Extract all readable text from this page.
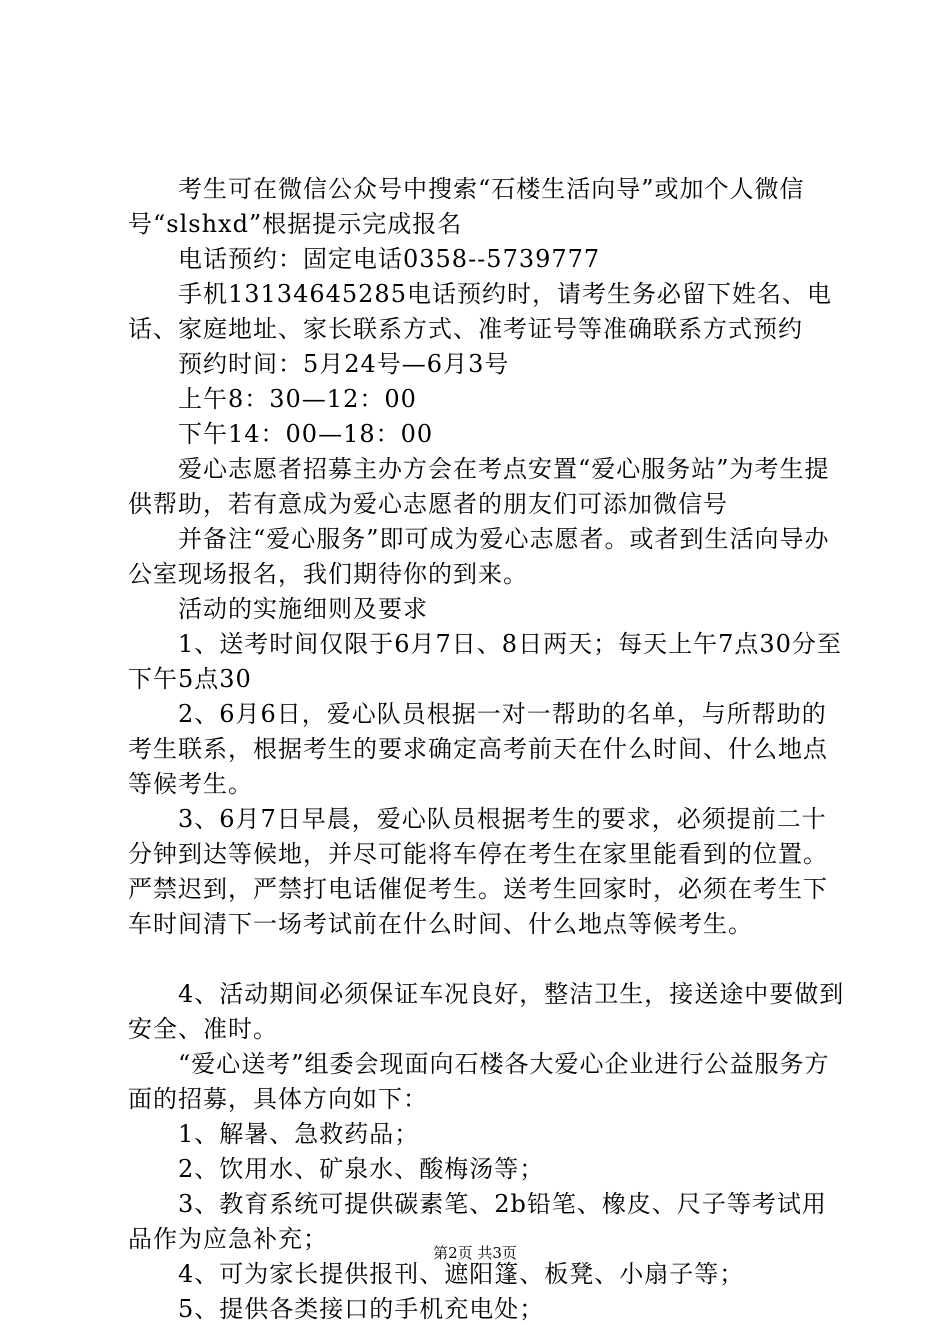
考生可在微信公众号中搜索“石楼生活向导”或加个人微信号“slshxd”根据提示完成报名

电话预约：固定电话0358--5739777

手机13134645285电话预约时，请考生务必留下姓名、电话、家庭地址、家长联系方式、准考证号等准确联系方式预约

预约时间：5月24号—6月3号

上午8：30—12：00

下午14：00—18：00

爱心志愿者招募主办方会在考点安置“爱心服务站”为考生提供帮助，若有意成为爱心志愿者的朋友们可添加微信号

并备注“爱心服务”即可成为爱心志愿者。或者到生活向导办公室现场报名，我们期待你的到来。

活动的实施细则及要求

1、送考时间仅限于6月7日、8日两天；每天上午7点30分至下午5点30

2、6月6日，爱心队员根据一对一帮助的名单，与所帮助的考生联系，根据考生的要求确定高考前天在什么时间、什么地点等候考生。

3、6月7日早晨，爱心队员根据考生的要求，必须提前二十分钟到达等候地，并尽可能将车停在考生在家里能看到的位置。严禁迟到，严禁打电话催促考生。送考生回家时，必须在考生下车时间清下一场考试前在什么时间、什么地点等候考生。

4、活动期间必须保证车况良好，整洁卫生，接送途中要做到安全、准时。

“爱心送考”组委会现面向石楼各大爱心企业进行公益服务方面的招募，具体方向如下：

1、解暑、急救药品；

2、饮用水、矿泉水、酸梅汤等；

3、教育系统可提供碳素笔、2b铅笔、橡皮、尺子等考试用品作为应急补充；

4、可为家长提供报刊、遮阳篷、板凳、小扇子等；

5、提供各类接口的手机充电处；

第2页 共3页
